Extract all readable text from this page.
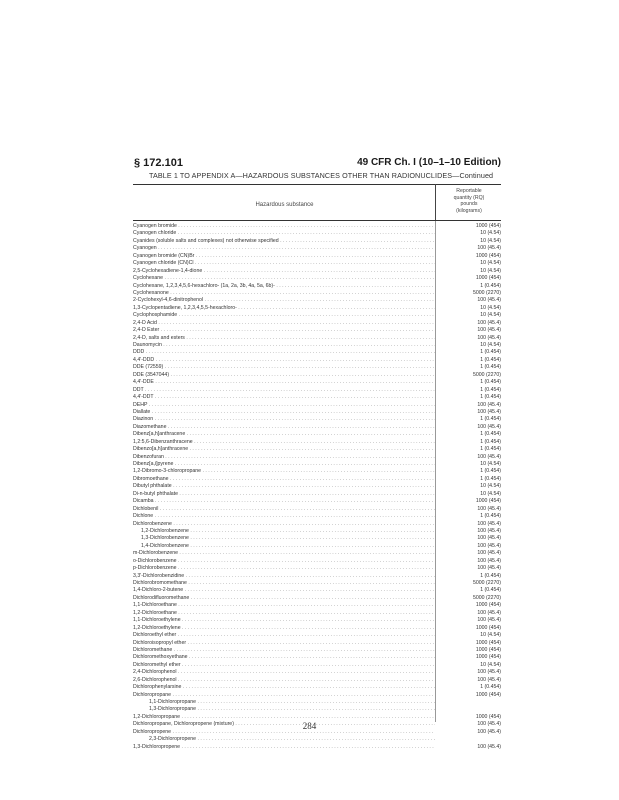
§ 172.101	49 CFR Ch. I (10–1–10 Edition)
TABLE 1 TO APPENDIX A—HAZARDOUS SUBSTANCES OTHER THAN RADIONUCLIDES—Continued
Hazardous substance
Reportable
quantity (RQ)
pounds
(kilograms)
Cyanogen bromide . . .	1000 (454)
Cyanogen chloride . . .	10 (4.54)
Cyanides (soluble salts and complexes) not otherwise specified . . .	10 (4.54)
Cyanogen . . .	100 (45.4)
Cyanogen bromide (CN)Br . . .	1000 (454)
Cyanogen chloride (CN)Cl . . .	10 (4.54)
2,5-Cyclohexadiene-1,4-dione . . .	10 (4.54)
Cyclohexane . . .	1000 (454)
Cyclohexane, 1,2,3,4,5,6-hexachloro- (1a, 2a, 3b, 4a, 5a, 6b)- . . .	1 (0.454)
Cyclohexanone . . .	5000 (2270)
2-Cyclohexyl-4,6-dinitrophenol . . .	100 (45.4)
1,3-Cyclopentadiene, 1,2,3,4,5,5-hexachloro- . . .	10 (4.54)
Cyclophosphamide . . .	10 (4.54)
2,4-D Acid . . .	100 (45.4)
2,4-D Ester . . .	100 (45.4)
2,4-D, salts and esters . . .	100 (45.4)
Daunomycin . . .	10 (4.54)
DDD . . .	1 (0.454)
4,4'-DDD . . .	1 (0.454)
DDE (72559) . . .	1 (0.454)
DDE (3547044) . . .	5000 (2270)
4,4'-DDE . . .	1 (0.454)
DDT . . .	1 (0.454)
4,4'-DDT . . .	1 (0.454)
DEHP . . .	100 (45.4)
Diallate . . .	100 (45.4)
Diazinon . . .	1 (0.454)
Diazomethane . . .	100 (45.4)
Dibenz[a,h]anthracene . . .	1 (0.454)
1,2:5,6-Dibenzanthracene . . .	1 (0.454)
Dibenzo[a,h]anthracene . . .	1 (0.454)
Dibenzofuran . . .	100 (45.4)
Dibenz[a,i]pyrene . . .	10 (4.54)
1,2-Dibromo-3-chloropropane . . .	1 (0.454)
Dibromoethane . . .	1 (0.454)
Dibutyl phthalate . . .	10 (4.54)
Di-n-butyl phthalate . . .	10 (4.54)
Dicamba . . .	1000 (454)
Dichlobenil . . .	100 (45.4)
Dichlone . . .	1 (0.454)
Dichlorobenzene . . .	100 (45.4)
1,2-Dichlorobenzene . . .	100 (45.4)
1,3-Dichlorobenzene . . .	100 (45.4)
1,4-Dichlorobenzene . . .	100 (45.4)
m-Dichlorobenzene . . .	100 (45.4)
o-Dichlorobenzene . . .	100 (45.4)
p-Dichlorobenzene . . .	100 (45.4)
3,3'-Dichlorobenzidine . . .	1 (0.454)
Dichlorobromomethane . . .	5000 (2270)
1,4-Dichloro-2-butene . . .	1 (0.454)
Dichlorodifluoromethane . . .	5000 (2270)
1,1-Dichloroethane . . .	1000 (454)
1,2-Dichloroethane . . .	100 (45.4)
1,1-Dichloroethylene . . .	100 (45.4)
1,2-Dichloroethylene . . .	1000 (454)
Dichloroethyl ether . . .	10 (4.54)
Dichloroisopropyl ether . . .	1000 (454)
Dichloromethane . . .	1000 (454)
Dichloromethoxyethane . . .	1000 (454)
Dichloromethyl ether . . .	10 (4.54)
2,4-Dichlorophenol . . .	100 (45.4)
2,6-Dichlorophenol . . .	100 (45.4)
Dichlorophenylarsine . . .	1 (0.454)
Dichloropropane . . .	1000 (454)
1,1-Dichloropropane . . .
1,3-Dichloropropane . . .
1,2-Dichloropropane . . .	1000 (454)
Dichloropropane, Dichloropropene (mixture) . . .	100 (45.4)
Dichloropropene . . .	100 (45.4)
2,3-Dichloropropene . . .
1,3-Dichloropropene . . .	100 (45.4)
284
